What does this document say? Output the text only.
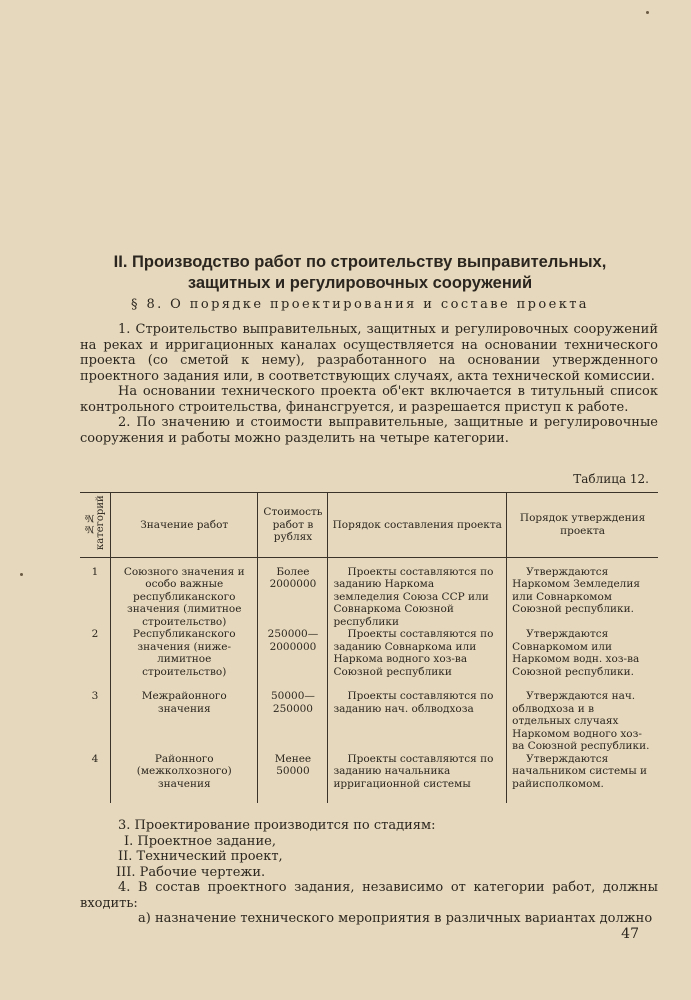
II. Производство работ по строительству выправительных,
защитных и регулировочных сооружений
§ 8. О порядке проектирования и составе проекта

1. Строительство выправительных, защитных и регулировочных сооружений на реках и ирригационных каналах осуществляется на основании технического проекта (со сметой к нему), разработанного на основании утвержденного проектного задания или, в соответствующих случаях, акта технической комиссии.

На основании технического проекта об'ект включается в титульный список контрольного строительства, финансгруется, и разрешается приступ к работе.

2. По значению и стоимости выправительные, защитные и регулировочные сооружения и работы можно разделить на четыре категории.

Таблица 12.
№№ категорий	Значение работ	Стоимость работ в рублях	Порядок составления проекта	Порядок утверждения проекта
1	Союзного значения и особо важные республиканского значения (лимитное строительство)	Более 2000000	Проекты составляются по заданию Наркома земледелия Союза ССР или Совнаркома Союзной республики	Утверждаются Наркомом Земледелия или Совнаркомом Союзной республики.
2	Республиканского значения (ниже-лимитное строительство)	250000— 2000000	Проекты составляются по заданию Совнаркома или Наркома водного хоз-ва Союзной республики	Утверждаются Совнаркомом или Наркомом водн. хоз-ва Союзной республики.
3	Межрайонного значения	50000— 250000	Проекты составляются по заданию нач. облводхоза	Утверждаются нач. облводхоза и в отдельных случаях Наркомом водного хоз-ва Союзной республики.
4	Районного (межколхозного) значения	Менее 50000	Проекты составляются по заданию начальника ирригационной системы	Утверждаются начальником системы и райисполкомом.

3. Проектирование производится по стадиям:

I. Проектное задание,

II. Технический проект,

III. Рабочие чертежи.

4. В состав проектного задания, независимо от категории работ, должны входить:

а) назначение технического мероприятия в различных вариантах должно

47
